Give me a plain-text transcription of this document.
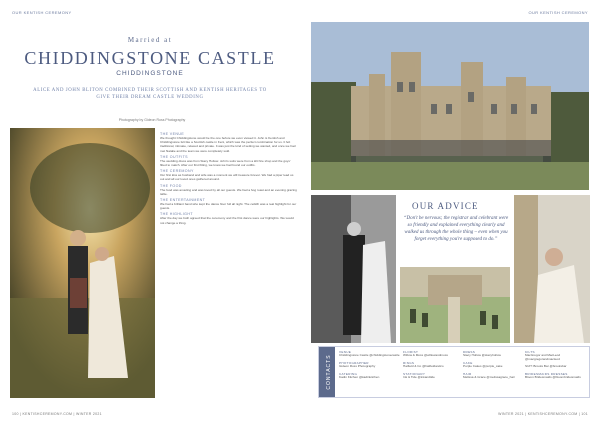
OUR KENTISH CEREMONY	OUR KENTISH CEREMONY
Married at
CHIDDINGSTONE CASTLE
CHIDDINGSTONE
ALICE AND JOHN BLITON COMBINED THEIR SCOTTISH AND KENTISH HERITAGES TO GIVE THEIR DREAM CASTLE WEDDING
Photography by Gideon Ross Photography
THE VENUE

We thought Chiddingstone would be the one before we even viewed it. John is Kentish and Chiddingstone felt like a Scottish castle in Kent, which was the perfect combination for us. It felt traditional, intimate, relaxed and private. It was just the kind of setting we wanted, and once we had met Natalie and the team we were completely sold.

THE OUTFITS

The wedding dress was from Stacy Hollow. John's suits were from a kilt hire shop and the guys' fitted to match. After our first fitting, we knew we had found our outfits.

THE CEREMONY

Our first kiss as husband and wife was a moment we will treasure forever. We had a piper lead us out and all our loved ones gathered around.

THE FOOD

The food was amazing and was loved by all our guests. We had a hog roast and an evening grazing table.

THE ENTERTAINMENT

We had a brilliant band who kept the dance floor full all night. The ceilidh was a real highlight for our guests.

THE HIGHLIGHT

After the day we both agreed that the ceremony and the first dance were our highlights. We would not change a thing.

OUR ADVICE
“Don't be nervous; the registrar and celebrant were so friendly and explained everything clearly and walked us through the whole thing – even when you forget everything you're supposed to do.”
CONTACTS
VENUE
Chiddingstone Castle @chiddingstonecastle
PHOTOGRAPHER
Gideon Ross Photography
CATERING
Kadin Kitchen @kadinkitchen
FLORIST
Willow & Moss @willowandmoss
RINGS
Hatfield & Co @hatfieldandco
STATIONARY
Ink & Tide @inkandtide
DRESS
Stacy Hollow @stacyhollow
CAKE
Purple Cakes @purple_cake
HAIR
Melissa & Grace @melissagrace_hair
KILTS
MacGregor and MacLeod @macgregorandmacleod
SUIT: Brooks Bar @brooksbar
BRIDESMAIDS DRESSES
Bloom Bridesmaids @bloombridesmaids
100 | KENTISHCEREMONY.COM | WINTER 2021	WINTER 2021 | KENTISHCEREMONY.COM | 101
